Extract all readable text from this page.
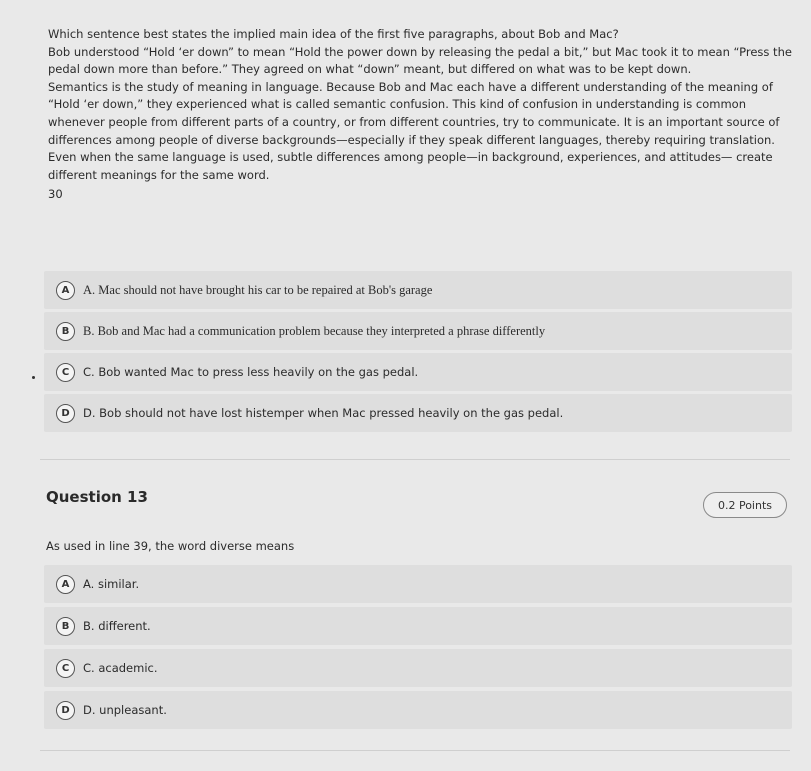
Which sentence best states the implied main idea of the first five paragraphs, about Bob and Mac?

Bob understood “Hold ‘er down” to mean “Hold the power down by releasing the pedal a bit,” but Mac took it to mean “Press the pedal down more than before.” They agreed on what “down” meant, but differed on what was to be kept down.

Semantics is the study of meaning in language. Because Bob and Mac each have a different understanding of the meaning of “Hold ‘er down,” they experienced what is called semantic confusion. This kind of confusion in understanding is common whenever people from different parts of a country, or from different countries, try to communicate. It is an important source of differences among people of diverse backgrounds—especially if they speak different languages, thereby requiring translation.

Even when the same language is used, subtle differences among people—in background, experiences, and attitudes— create different meanings for the same word.

30

A	A. Mac should not have brought his car to be repaired at Bob's garage
B	B. Bob and Mac had a communication problem because they interpreted a phrase differently
C	C. Bob wanted Mac to press less heavily on the gas pedal.
D	D. Bob should not have lost histemper when Mac pressed heavily on the gas pedal.
Question 13	0.2 Points
As used in line 39, the word diverse means
A	A. similar.
B	B. different.
C	C. academic.
D	D. unpleasant.
